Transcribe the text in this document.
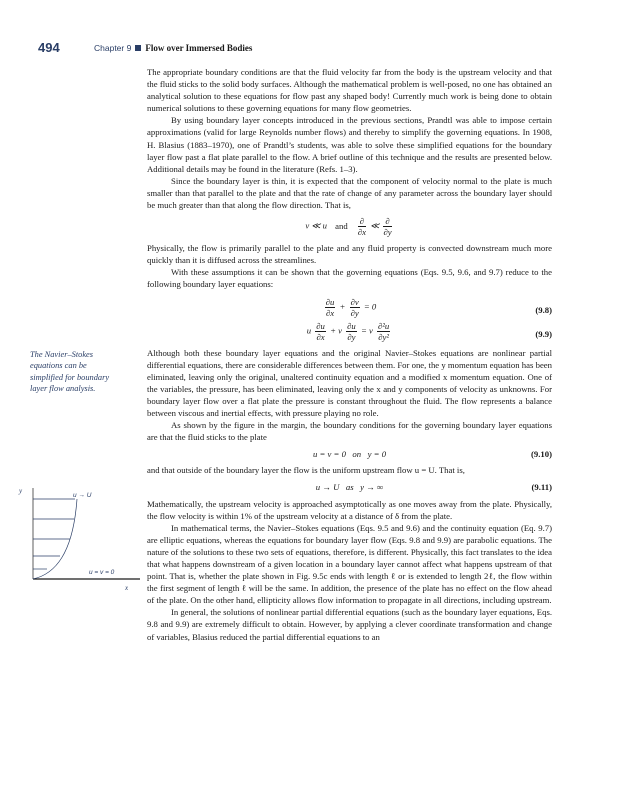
494	Chapter 9 Flow over Immersed Bodies
The Navier–Stokes equations can be simplified for boundary layer flow analysis.
y
u → U
u = v = 0
x

The appropriate boundary conditions are that the fluid velocity far from the body is the upstream velocity and that the fluid sticks to the solid body surfaces. Although the mathematical problem is well-posed, no one has obtained an analytical solution to these equations for flow past any shaped body! Currently much work is being done to obtain numerical solutions to these governing equations for many flow geometries.

By using boundary layer concepts introduced in the previous sections, Prandtl was able to impose certain approximations (valid for large Reynolds number flows) and thereby to simplify the governing equations. In 1908, H. Blasius (1883–1970), one of Prandtl’s students, was able to solve these simplified equations for the boundary layer flow past a flat plate parallel to the flow. A brief outline of this technique and the results are presented below. Additional details may be found in the literature (Refs. 1–3).

Since the boundary layer is thin, it is expected that the component of velocity normal to the plate is much smaller than that parallel to the plate and that the rate of change of any parameter across the boundary layer should be much greater than that along the flow direction. That is,

v ≪ u and $\frac{\partial}{\partial x}$ ≪ $\frac{\partial}{\partial y}$

Physically, the flow is primarily parallel to the plate and any fluid property is convected downstream much more quickly than it is diffused across the streamlines.

With these assumptions it can be shown that the governing equations (Eqs. 9.5, 9.6, and 9.7) reduce to the following boundary layer equations:

$\frac{\partial u}{\partial x} + \frac{\partial v}{\partial y} = 0$	(9.8)
u $\frac{\partial u}{\partial x} + v \frac{\partial u}{\partial y} = \nu \frac{\text{∂²u}}{\text{∂y²}}$	(9.9)

Although both these boundary layer equations and the original Navier–Stokes equations are nonlinear partial differential equations, there are considerable differences between them. For one, the y momentum equation has been eliminated, leaving only the original, unaltered continuity equation and a modified x momentum equation. One of the variables, the pressure, has been eliminated, leaving only the x and y components of velocity as unknowns. For boundary layer flow over a flat plate the pressure is constant throughout the fluid. The flow represents a balance between viscous and inertial effects, with pressure playing no role.

As shown by the figure in the margin, the boundary conditions for the governing boundary layer equations are that the fluid sticks to the plate

u = v = 0   on   y = 0	(9.10)

and that outside of the boundary layer the flow is the uniform upstream flow u = U. That is,

u → U   as   y → ∞	(9.11)

Mathematically, the upstream velocity is approached asymptotically as one moves away from the plate. Physically, the flow velocity is within 1% of the upstream velocity at a distance of δ from the plate.

In mathematical terms, the Navier–Stokes equations (Eqs. 9.5 and 9.6) and the continuity equation (Eq. 9.7) are elliptic equations, whereas the equations for boundary layer flow (Eqs. 9.8 and 9.9) are parabolic equations. The nature of the solutions to these two sets of equations, therefore, is different. Physically, this fact translates to the idea that what happens downstream of a given location in a boundary layer cannot affect what happens upstream of that point. That is, whether the plate shown in Fig. 9.5c ends with length ℓ or is extended to length 2ℓ, the flow within the first segment of length ℓ will be the same. In addition, the presence of the plate has no effect on the flow ahead of the plate. On the other hand, ellipticity allows flow information to propagate in all directions, including upstream.

In general, the solutions of nonlinear partial differential equations (such as the boundary layer equations, Eqs. 9.8 and 9.9) are extremely difficult to obtain. However, by applying a clever coordinate transformation and change of variables, Blasius reduced the partial differential equations to an
